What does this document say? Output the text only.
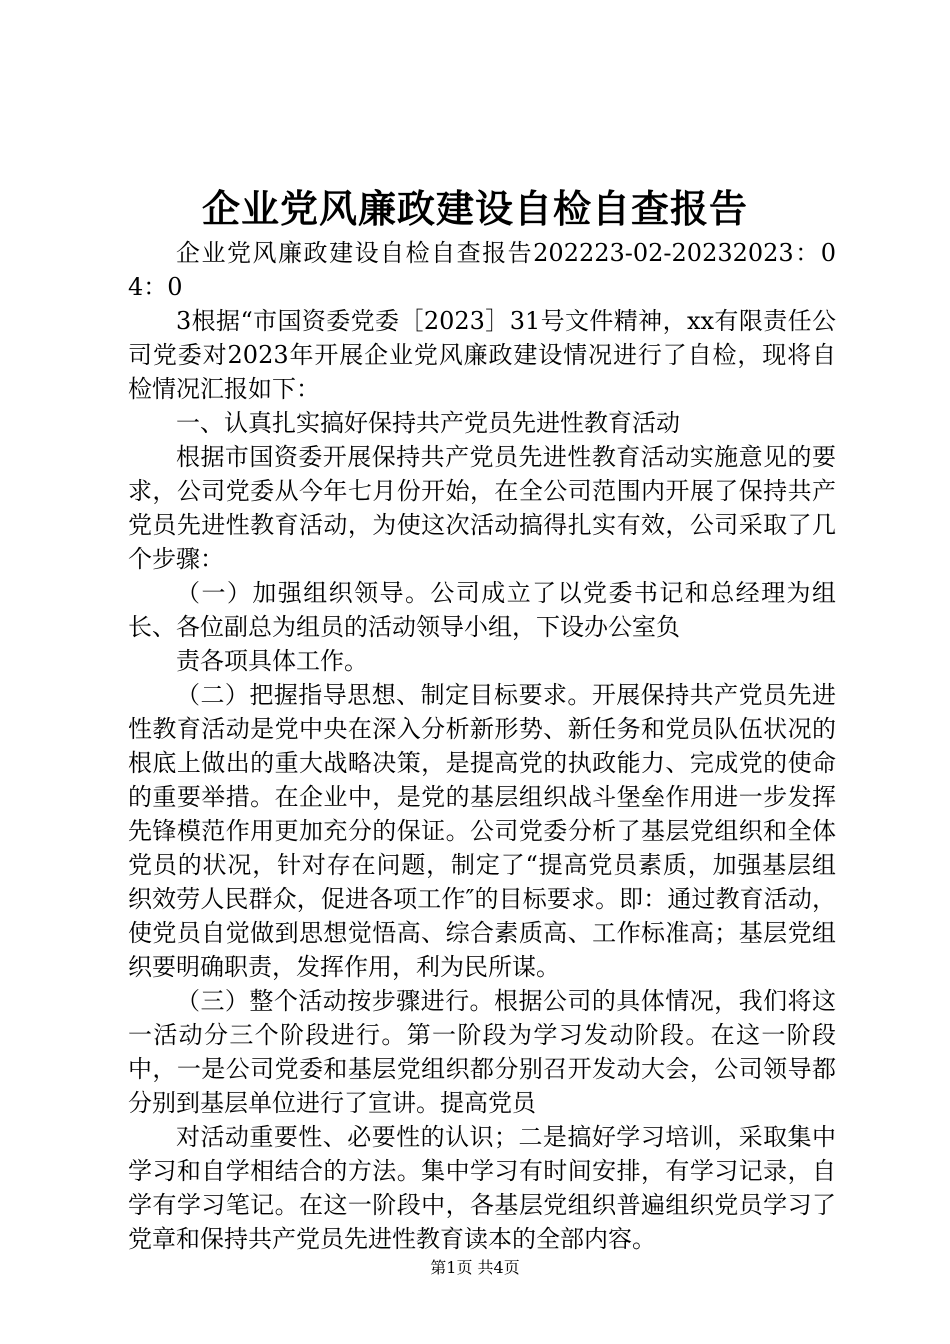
企业党风廉政建设自检自查报告

企业党风廉政建设自检自查报告202223-02-20232023：04：0

3根据“市国资委党委［2023］31号文件精神，xx有限责任公司党委对2023年开展企业党风廉政建设情况进行了自检，现将自检情况汇报如下：

一、认真扎实搞好保持共产党员先进性教育活动

根据市国资委开展保持共产党员先进性教育活动实施意见的要求，公司党委从今年七月份开始，在全公司范围内开展了保持共产党员先进性教育活动，为使这次活动搞得扎实有效，公司采取了几个步骤：

（一）加强组织领导。公司成立了以党委书记和总经理为组长、各位副总为组员的活动领导小组，下设办公室负

责各项具体工作。

（二）把握指导思想、制定目标要求。开展保持共产党员先进性教育活动是党中央在深入分析新形势、新任务和党员队伍状况的根底上做出的重大战略决策，是提高党的执政能力、完成党的使命的重要举措。在企业中，是党的基层组织战斗堡垒作用进一步发挥先锋模范作用更加充分的保证。公司党委分析了基层党组织和全体党员的状况，针对存在问题，制定了“提高党员素质，加强基层组织效劳人民群众，促进各项工作″的目标要求。即：通过教育活动，使党员自觉做到思想觉悟高、综合素质高、工作标准高；基层党组织要明确职责，发挥作用，利为民所谋。

（三）整个活动按步骤进行。根据公司的具体情况，我们将这一活动分三个阶段进行。第一阶段为学习发动阶段。在这一阶段中，一是公司党委和基层党组织都分别召开发动大会，公司领导都分别到基层单位进行了宣讲。提高党员

对活动重要性、必要性的认识；二是搞好学习培训，采取集中学习和自学相结合的方法。集中学习有时间安排，有学习记录，自学有学习笔记。在这一阶段中，各基层党组织普遍组织党员学习了党章和保持共产党员先进性教育读本的全部内容。

第1页 共4页
